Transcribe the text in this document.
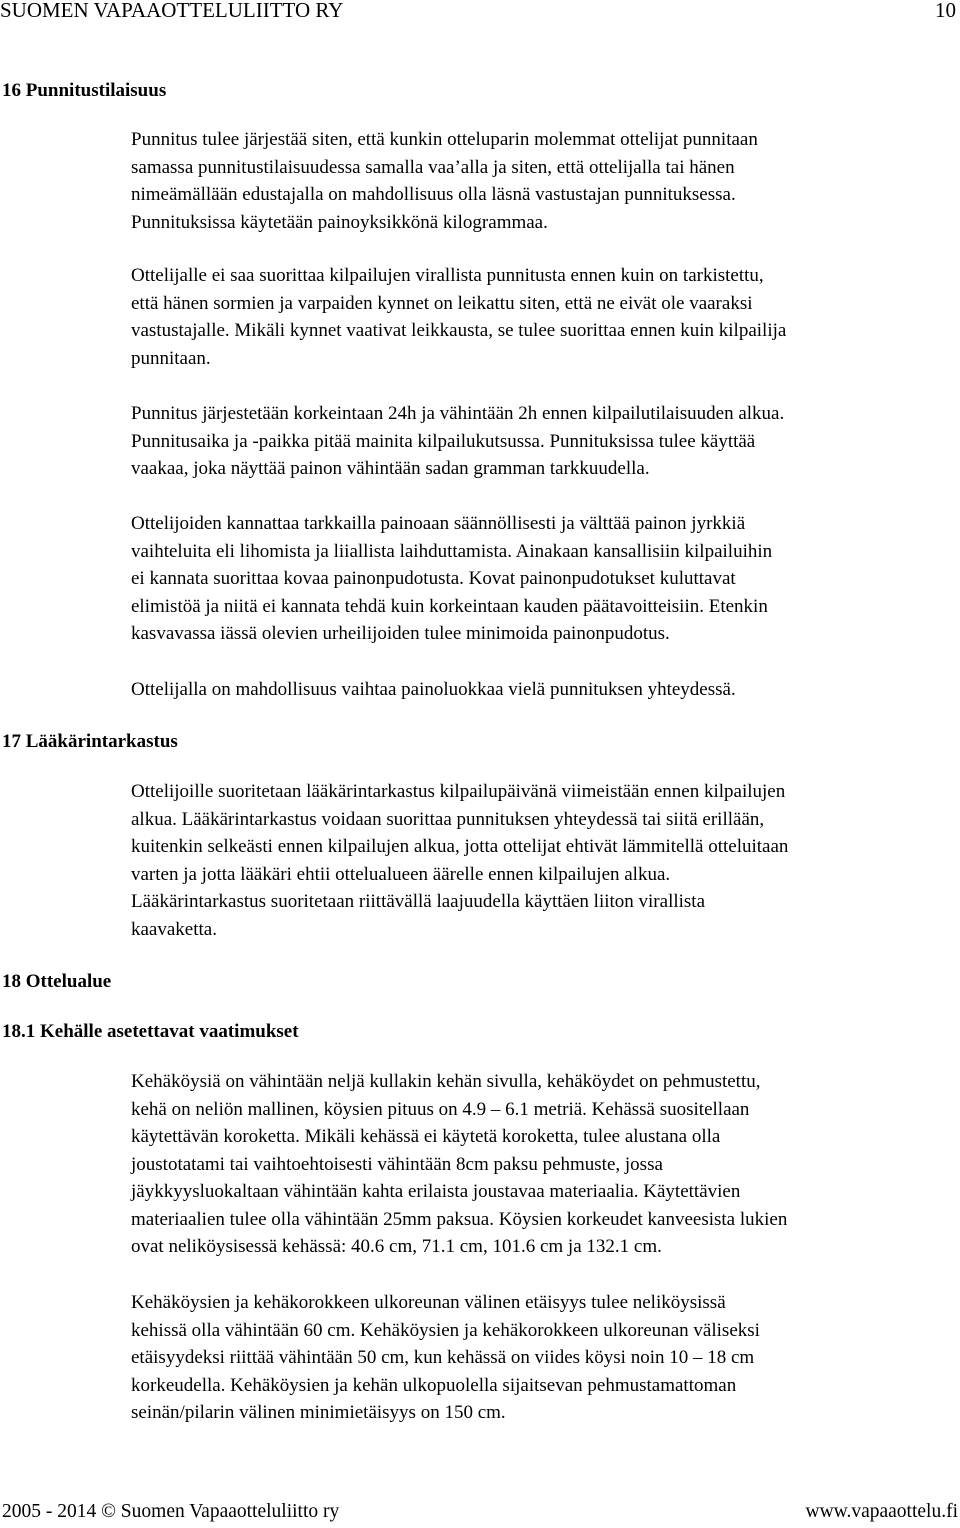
SUOMEN VAPAAOTTELULIITTO RY	10
16 Punnitustilaisuus

Punnitus tulee järjestää siten, että kunkin otteluparin molemmat ottelijat punnitaan
samassa punnitustilaisuudessa samalla vaa’alla ja siten, että ottelijalla tai hänen
nimeämällään edustajalla on mahdollisuus olla läsnä vastustajan punnituksessa.
Punnituksissa käytetään painoyksikkönä kilogrammaa.

Ottelijalle ei saa suorittaa kilpailujen virallista punnitusta ennen kuin on tarkistettu,
että hänen sormien ja varpaiden kynnet on leikattu siten, että ne eivät ole vaaraksi
vastustajalle. Mikäli kynnet vaativat leikkausta, se tulee suorittaa ennen kuin kilpailija
punnitaan.

Punnitus järjestetään korkeintaan 24h ja vähintään 2h ennen kilpailutilaisuuden alkua.
Punnitusaika ja -paikka pitää mainita kilpailukutsussa. Punnituksissa tulee käyttää
vaakaa, joka näyttää painon vähintään sadan gramman tarkkuudella.

Ottelijoiden kannattaa tarkkailla painoaan säännöllisesti ja välttää painon jyrkkiä
vaihteluita eli lihomista ja liiallista laihduttamista. Ainakaan kansallisiin kilpailuihin
ei kannata suorittaa kovaa painonpudotusta. Kovat painonpudotukset kuluttavat
elimistöä ja niitä ei kannata tehdä kuin korkeintaan kauden päätavoitteisiin. Etenkin
kasvavassa iässä olevien urheilijoiden tulee minimoida painonpudotus.

Ottelijalla on mahdollisuus vaihtaa painoluokkaa vielä punnituksen yhteydessä.

17 Lääkärintarkastus

Ottelijoille suoritetaan lääkärintarkastus kilpailupäivänä viimeistään ennen kilpailujen
alkua. Lääkärintarkastus voidaan suorittaa punnituksen yhteydessä tai siitä erillään,
kuitenkin selkeästi ennen kilpailujen alkua, jotta ottelijat ehtivät lämmitellä otteluitaan
varten ja jotta lääkäri ehtii ottelualueen äärelle ennen kilpailujen alkua.
Lääkärintarkastus suoritetaan riittävällä laajuudella käyttäen liiton virallista
kaavaketta.

18 Ottelualue
18.1 Kehälle asetettavat vaatimukset

Kehäköysiä on vähintään neljä kullakin kehän sivulla, kehäköydet on pehmustettu,
kehä on neliön mallinen, köysien pituus on 4.9 – 6.1 metriä. Kehässä suositellaan
käytettävän koroketta. Mikäli kehässä ei käytetä koroketta, tulee alustana olla
joustotatami tai vaihtoehtoisesti vähintään 8cm paksu pehmuste, jossa
jäykkyysluokaltaan vähintään kahta erilaista joustavaa materiaalia. Käytettävien
materiaalien tulee olla vähintään 25mm paksua. Köysien korkeudet kanveesista lukien
ovat neliköysisessä kehässä: 40.6 cm, 71.1 cm, 101.6 cm ja 132.1 cm.

Kehäköysien ja kehäkorokkeen ulkoreunan välinen etäisyys tulee neliköysissä
kehissä olla vähintään 60 cm. Kehäköysien ja kehäkorokkeen ulkoreunan väliseksi
etäisyydeksi riittää vähintään 50 cm, kun kehässä on viides köysi noin 10 – 18 cm
korkeudella. Kehäköysien ja kehän ulkopuolella sijaitsevan pehmustamattoman
seinän/pilarin välinen minimietäisyys on 150 cm.

2005 - 2014 © Suomen Vapaaotteluliitto ry	www.vapaaottelu.fi
